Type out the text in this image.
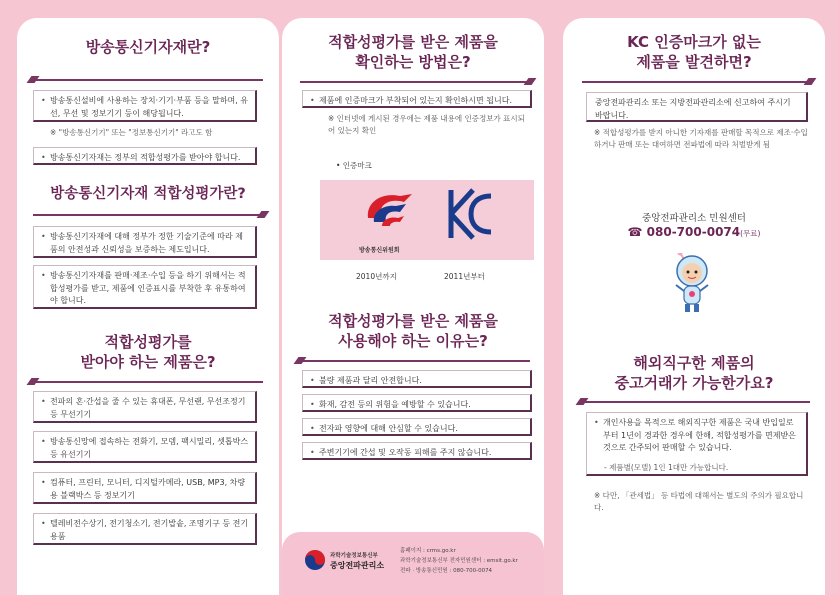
방송통신기자재란?
• 방송통신설비에 사용하는 장치·기기·부품 등을 말하며, 유선, 무선 및 정보기기 등이 해당됩니다.
※ "방송통신기기" 또는 "정보통신기기" 라고도 함
• 방송통신기자재는 정부의 적합성평가를 받아야 합니다.
방송통신기자재 적합성평가란?
• 방송통신기자재에 대해 정부가 정한 기술기준에 따라 제품의 안전성과 신뢰성을 보증하는 제도입니다.
• 방송통신기자재를 판매·제조·수입 등을 하기 위해서는 적합성평가를 받고, 제품에 인증표시를 부착한 후 유통하여야 합니다.
적합성평가를
받아야 하는 제품은?
• 전파의 혼·간섭을 줄 수 있는 휴대폰, 무선랜, 무선조정기 등 무선기기
• 방송통신망에 접속하는 전화기, 모뎀, 팩시밀리, 셋톱박스 등 유선기기
• 컴퓨터, 프린터, 모니터, 디지털카메라, USB, MP3, 차량용 블랙박스 등 정보기기
• 텔레비전수상기, 전기청소기, 전기밥솥, 조명기구 등 전기용품
적합성평가를 받은 제품을
확인하는 방법은?
• 제품에 인증마크가 부착되어 있는지 확인하시면 됩니다.
※ 인터넷에 게시된 경우에는 제품 내용에 인증정보가 표시되어 있는지 확인
• 인증마크
방송통신위원회
2010년까지	2011년부터
적합성평가를 받은 제품을
사용해야 하는 이유는?
• 불량 제품과 달리 안전합니다.
• 화재, 감전 등의 위험을 예방할 수 있습니다.
• 전자파 영향에 대해 안심할 수 있습니다.
• 주변기기에 간섭 및 오작동 피해를 주지 않습니다.
과학기술정보통신부
중앙전파관리소
홈페이지 : crms.go.kr
과학기술정보통신부 전자민원센터 : emsit.go.kr
전파 · 방송통신민원 : 080-700-0074
KC 인증마크가 없는
제품을 발견하면?
중앙전파관리소 또는 지방전파관리소에 신고하여 주시기 바랍니다.
※ 적합성평가를 받지 아니한 기자재를 판매할 목적으로 제조·수입하거나 판매 또는 대여하면 전파법에 따라 처벌받게 됨
중앙전파관리소 민원센터
☎ 080-700-0074(무료)
해외직구한 제품의
중고거래가 가능한가요?
• 개인사용을 목적으로 해외직구한 제품은 국내 반입일로부터 1년이 경과한 경우에 한해, 적합성평가를 면제받은 것으로 간주되어 판매할 수 있습니다.
- 제품별(모델) 1인 1대만 가능합니다.
※ 다만, 「관세법」 등 타법에 대해서는 별도의 주의가 필요합니다.
